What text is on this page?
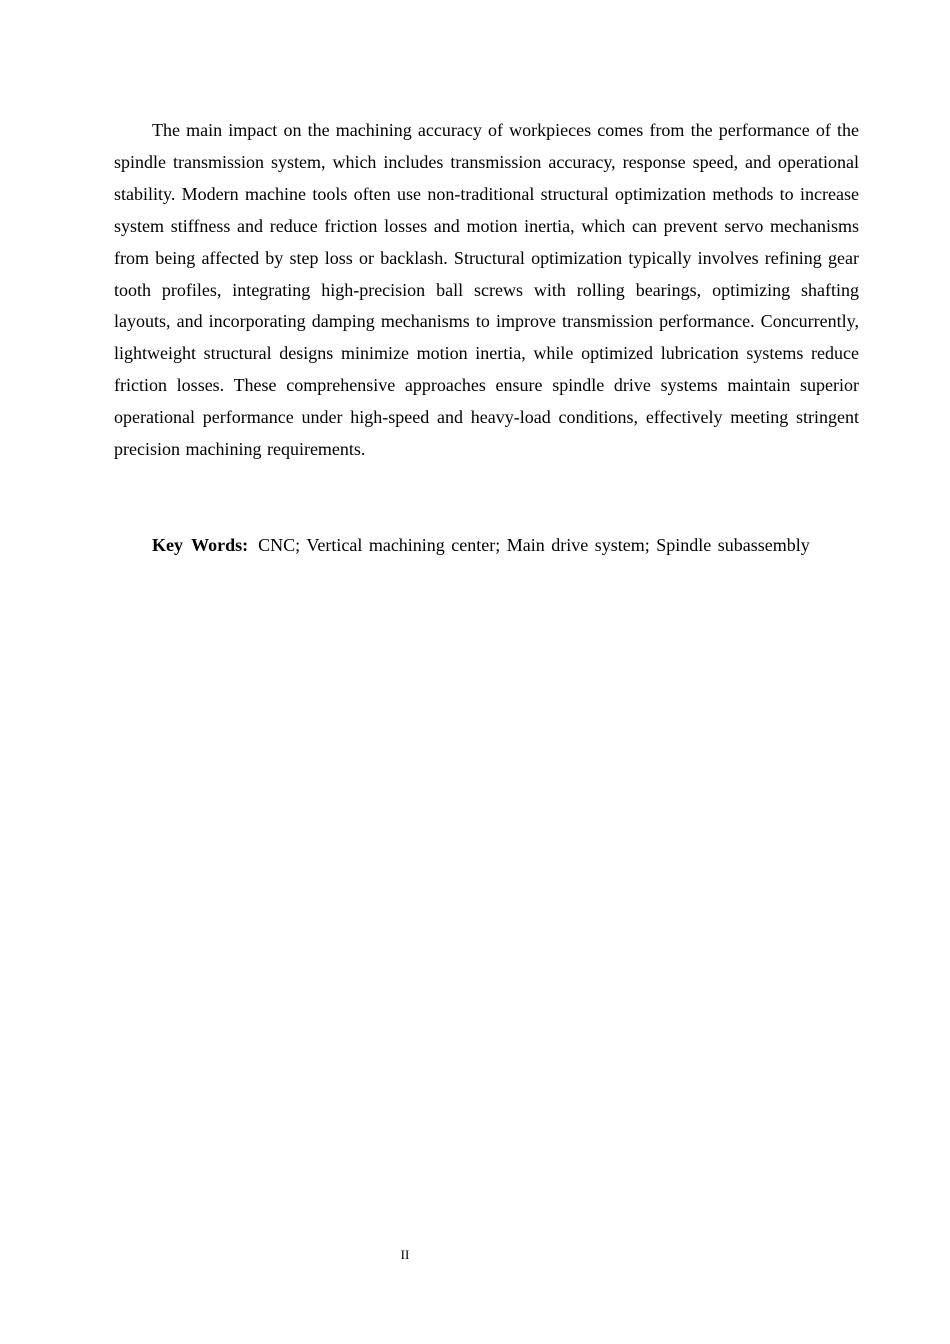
The main impact on the machining accuracy of workpieces comes from the performance of the spindle transmission system, which includes transmission accuracy, response speed, and operational stability. Modern machine tools often use non-traditional structural optimization methods to increase system stiffness and reduce friction losses and motion inertia, which can prevent servo mechanisms from being affected by step loss or backlash. Structural optimization typically involves refining gear tooth profiles, integrating high-precision ball screws with rolling bearings, optimizing shafting layouts, and incorporating damping mechanisms to improve transmission performance. Concurrently, lightweight structural designs minimize motion inertia, while optimized lubrication systems reduce friction losses. These comprehensive approaches ensure spindle drive systems maintain superior operational performance under high-speed and heavy-load conditions, effectively meeting stringent precision machining requirements.

Key Words: CNC; Vertical machining center; Main drive system; Spindle subassembly

II
